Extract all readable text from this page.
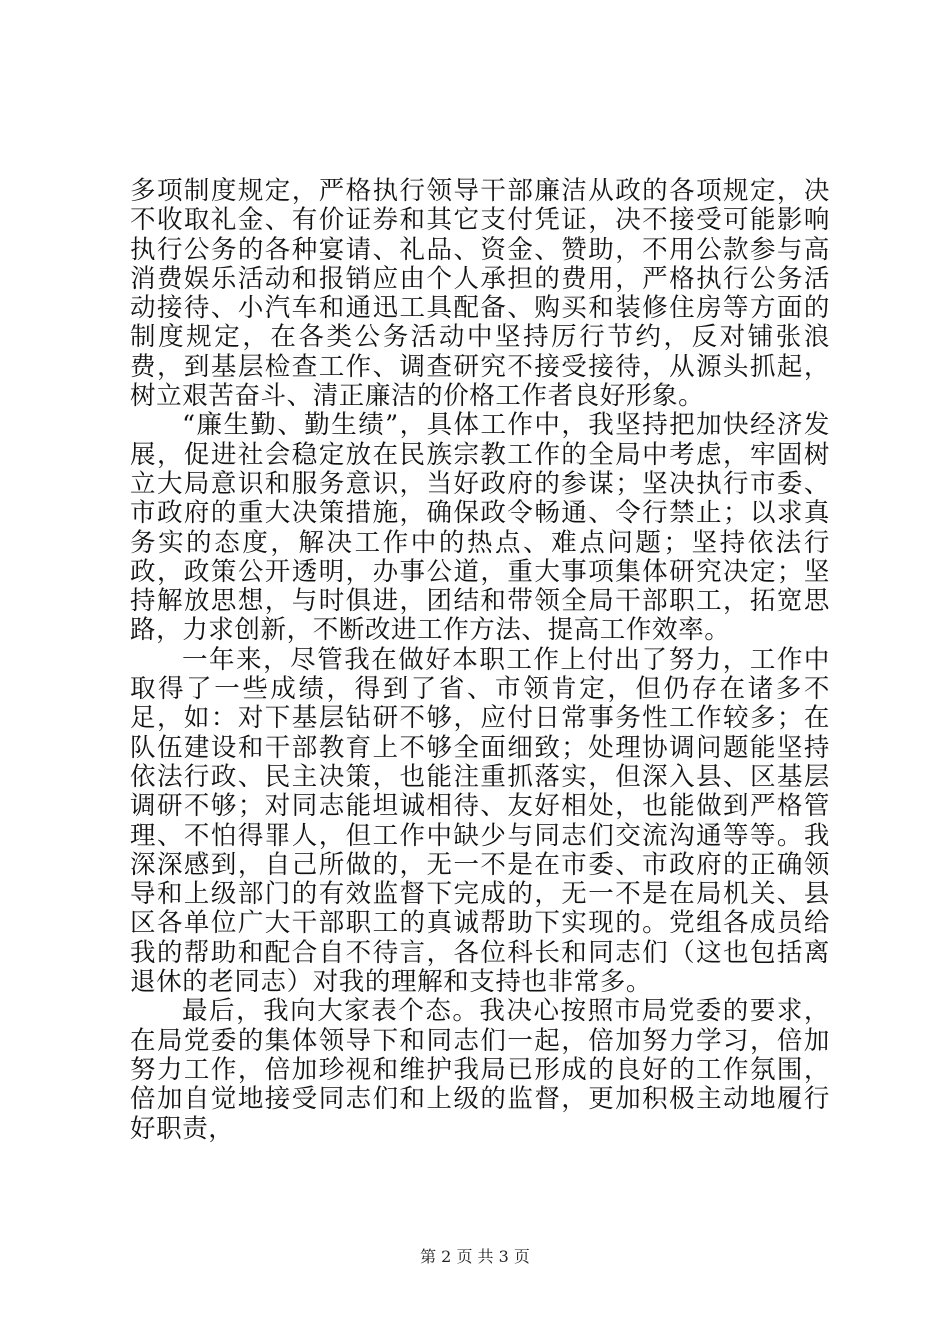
多项制度规定，严格执行领导干部廉洁从政的各项规定，决不收取礼金、有价证券和其它支付凭证，决不接受可能影响执行公务的各种宴请、礼品、资金、赞助，不用公款参与高消费娱乐活动和报销应由个人承担的费用，严格执行公务活动接待、小汽车和通迅工具配备、购买和装修住房等方面的制度规定，在各类公务活动中坚持厉行节约，反对铺张浪费，到基层检查工作、调查研究不接受接待，从源头抓起，树立艰苦奋斗、清正廉洁的价格工作者良好形象。

“廉生勤、勤生绩”，具体工作中，我坚持把加快经济发展，促进社会稳定放在民族宗教工作的全局中考虑，牢固树立大局意识和服务意识，当好政府的参谋；坚决执行市委、市政府的重大决策措施，确保政令畅通、令行禁止；以求真务实的态度，解决工作中的热点、难点问题；坚持依法行政，政策公开透明，办事公道，重大事项集体研究决定；坚持解放思想，与时俱进，团结和带领全局干部职工，拓宽思路，力求创新，不断改进工作方法、提高工作效率。

一年来，尽管我在做好本职工作上付出了努力，工作中取得了一些成绩，得到了省、市领肯定，但仍存在诸多不足，如：对下基层钻研不够，应付日常事务性工作较多；在队伍建设和干部教育上不够全面细致；处理协调问题能坚持依法行政、民主决策，也能注重抓落实，但深入县、区基层调研不够；对同志能坦诚相待、友好相处，也能做到严格管理、不怕得罪人，但工作中缺少与同志们交流沟通等等。我深深感到，自己所做的，无一不是在市委、市政府的正确领导和上级部门的有效监督下完成的，无一不是在局机关、县区各单位广大干部职工的真诚帮助下实现的。党组各成员给我的帮助和配合自不待言，各位科长和同志们（这也包括离退休的老同志）对我的理解和支持也非常多。

最后，我向大家表个态。我决心按照市局党委的要求，在局党委的集体领导下和同志们一起，倍加努力学习，倍加努力工作，倍加珍视和维护我局已形成的良好的工作氛围，倍加自觉地接受同志们和上级的监督，更加积极主动地履行好职责，

第 2 页 共 3 页
